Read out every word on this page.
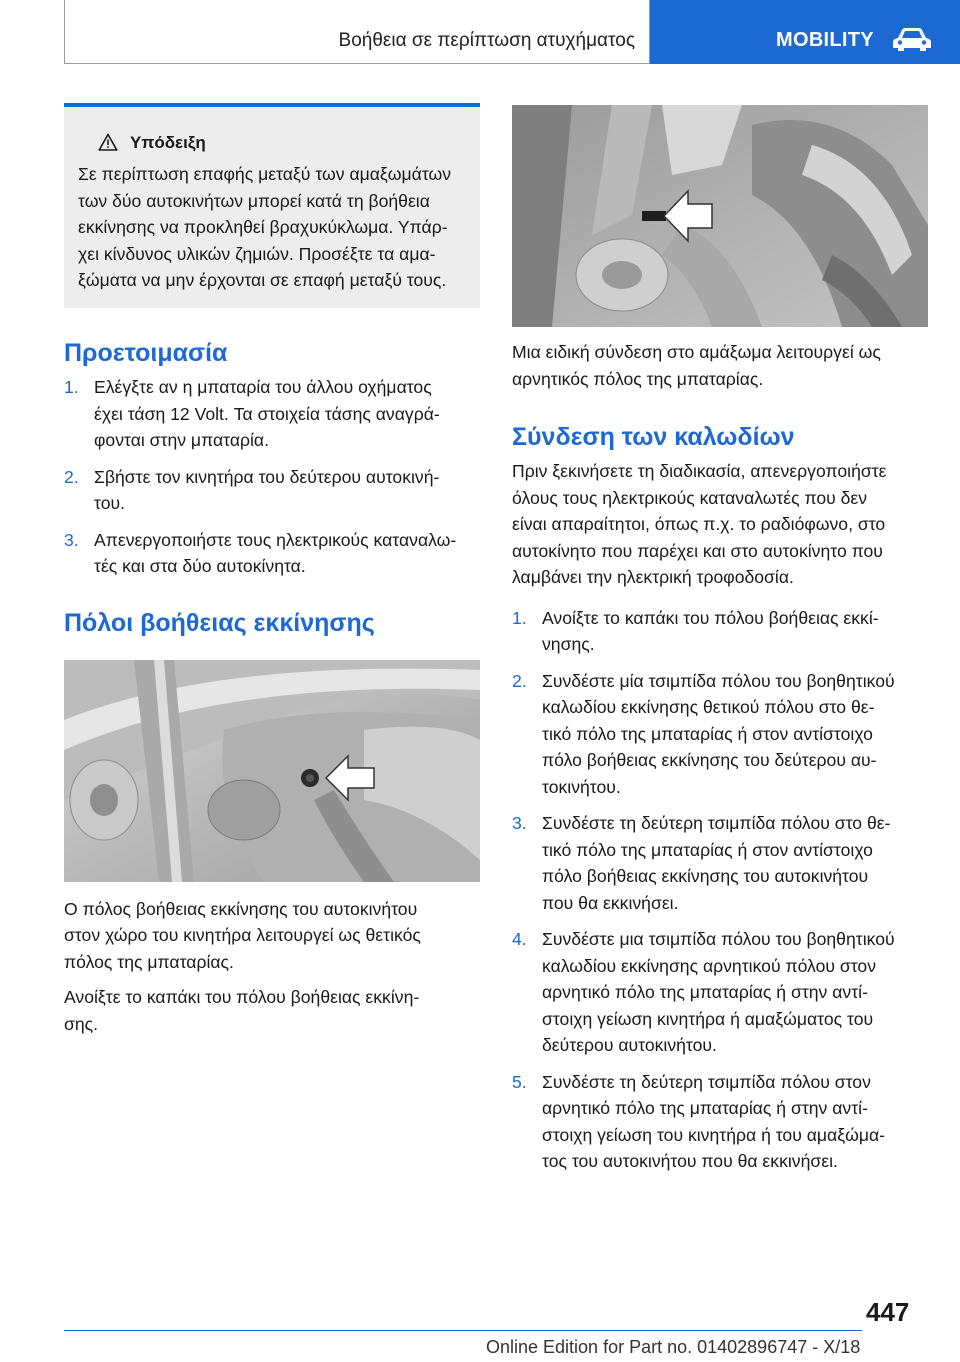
Βοήθεια σε περίπτωση ατυχήματος	MOBILITY
Υπόδειξη
Σε περίπτωση επαφής μεταξύ των αμαξωμάτων
των δύο αυτοκινήτων μπορεί κατά τη βοήθεια
εκκίνησης να προκληθεί βραχυκύκλωμα. Υπάρ-
χει κίνδυνος υλικών ζημιών. Προσέξτε τα αμα-
ξώματα να μην έρχονται σε επαφή μεταξύ τους.
Προετοιμασία
1. Ελέγξτε αν η μπαταρία του άλλου οχήματος
έχει τάση 12 Volt. Τα στοιχεία τάσης αναγρά-
φονται στην μπαταρία.
2. Σβήστε τον κινητήρα του δεύτερου αυτοκινή-
του.
3. Απενεργοποιήστε τους ηλεκτρικούς καταναλω-
τές και στα δύο αυτοκίνητα.
Πόλοι βοήθειας εκκίνησης
Ο πόλος βοήθειας εκκίνησης του αυτοκινήτου
στον χώρο του κινητήρα λειτουργεί ως θετικός
πόλος της μπαταρίας.
Ανοίξτε το καπάκι του πόλου βοήθειας εκκίνη-
σης.
Μια ειδική σύνδεση στο αμάξωμα λειτουργεί ως
αρνητικός πόλος της μπαταρίας.
Σύνδεση των καλωδίων
Πριν ξεκινήσετε τη διαδικασία, απενεργοποιήστε
όλους τους ηλεκτρικούς καταναλωτές που δεν
είναι απαραίτητοι, όπως π.χ. το ραδιόφωνο, στο
αυτοκίνητο που παρέχει και στο αυτοκίνητο που
λαμβάνει την ηλεκτρική τροφοδοσία.
1. Ανοίξτε το καπάκι του πόλου βοήθειας εκκί-
νησης.
2. Συνδέστε μία τσιμπίδα πόλου του βοηθητικού
καλωδίου εκκίνησης θετικού πόλου στο θε-
τικό πόλο της μπαταρίας ή στον αντίστοιχο
πόλο βοήθειας εκκίνησης του δεύτερου αυ-
τοκινήτου.
3. Συνδέστε τη δεύτερη τσιμπίδα πόλου στο θε-
τικό πόλο της μπαταρίας ή στον αντίστοιχο
πόλο βοήθειας εκκίνησης του αυτοκινήτου
που θα εκκινήσει.
4. Συνδέστε μια τσιμπίδα πόλου του βοηθητικού
καλωδίου εκκίνησης αρνητικού πόλου στον
αρνητικό πόλο της μπαταρίας ή στην αντί-
στοιχη γείωση κινητήρα ή αμαξώματος του
δεύτερου αυτοκινήτου.
5. Συνδέστε τη δεύτερη τσιμπίδα πόλου στον
αρνητικό πόλο της μπαταρίας ή στην αντί-
στοιχη γείωση του κινητήρα ή του αμαξώμα-
τος του αυτοκινήτου που θα εκκινήσει.
447
Online Edition for Part no. 01402896747 - X/18
